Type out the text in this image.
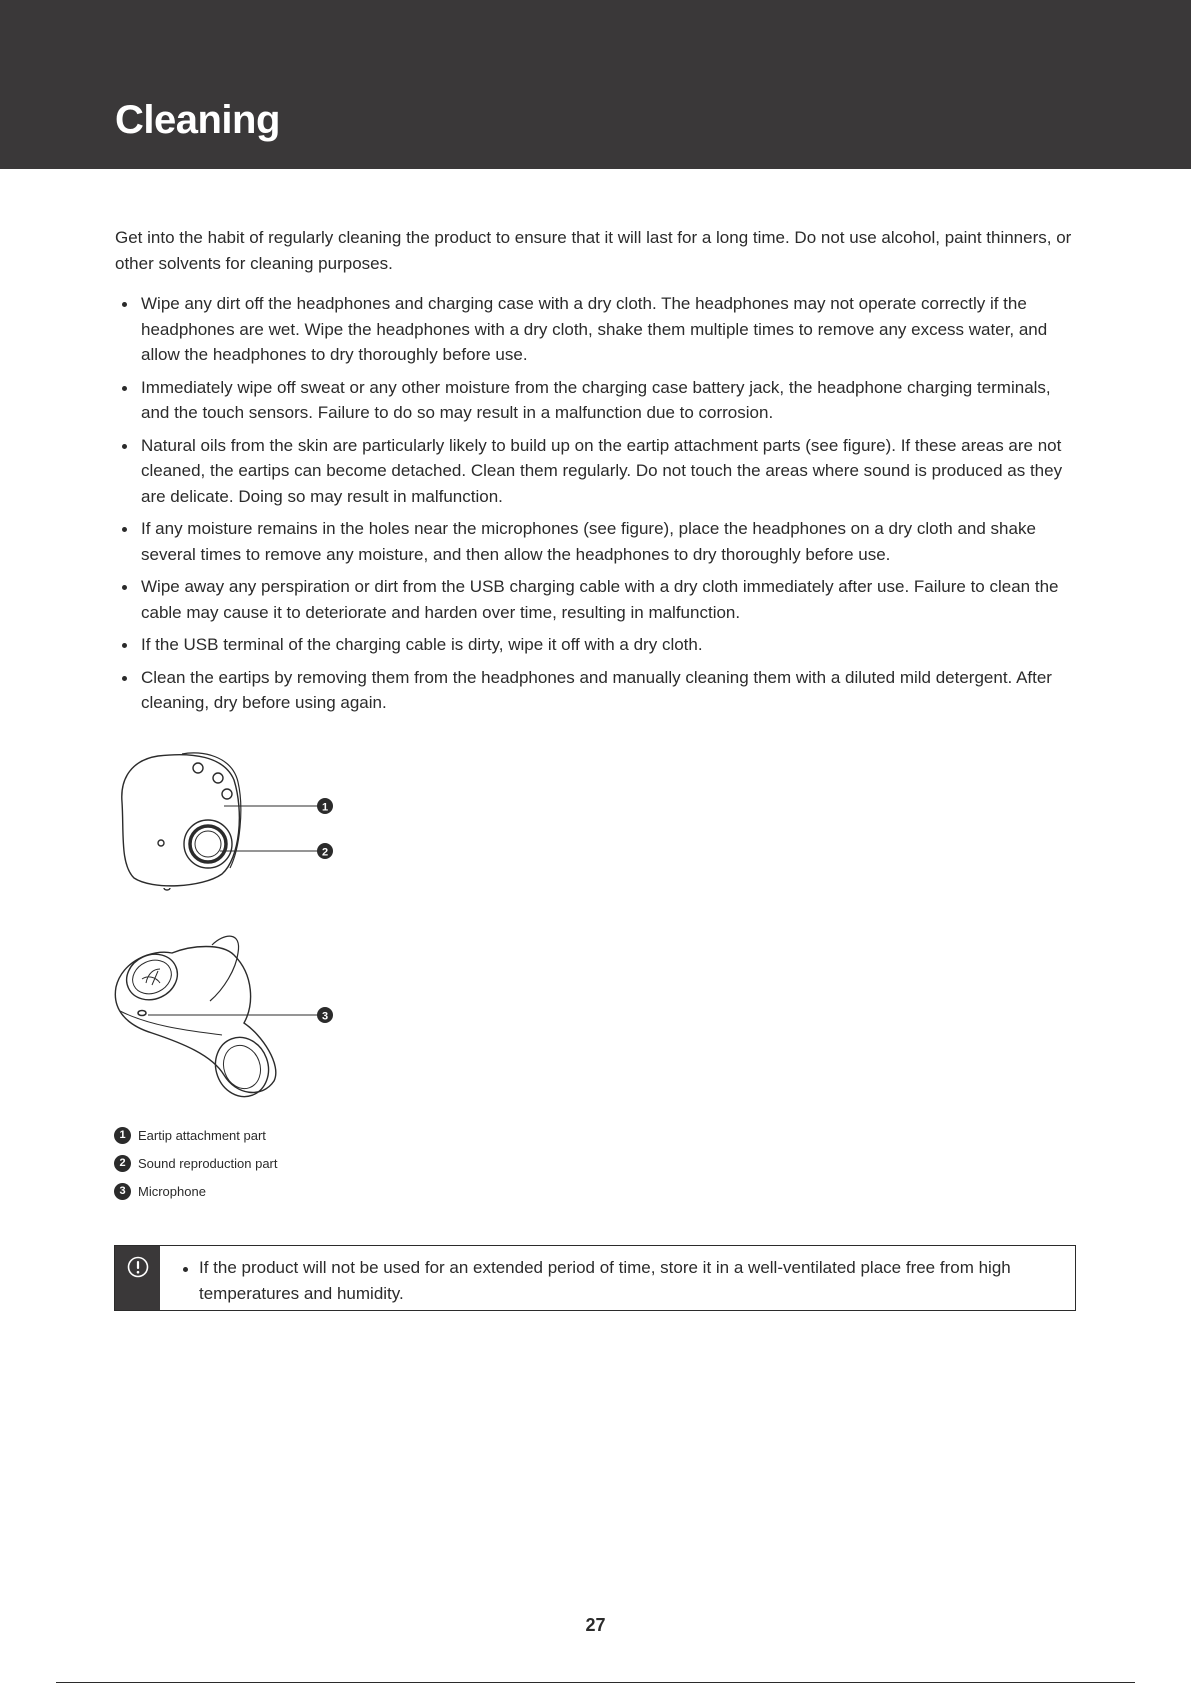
Cleaning

Get into the habit of regularly cleaning the product to ensure that it will last for a long time. Do not use alcohol, paint thinners, or other solvents for cleaning purposes.

Wipe any dirt off the headphones and charging case with a dry cloth. The headphones may not operate correctly if the headphones are wet. Wipe the headphones with a dry cloth, shake them multiple times to remove any excess water, and allow the headphones to dry thoroughly before use.
Immediately wipe off sweat or any other moisture from the charging case battery jack, the headphone charging terminals, and the touch sensors. Failure to do so may result in a malfunction due to corrosion.
Natural oils from the skin are particularly likely to build up on the eartip attachment parts (see figure). If these areas are not cleaned, the eartips can become detached. Clean them regularly. Do not touch the areas where sound is produced as they are delicate. Doing so may result in malfunction.
If any moisture remains in the holes near the microphones (see figure), place the headphones on a dry cloth and shake several times to remove any moisture, and then allow the headphones to dry thoroughly before use.
Wipe away any perspiration or dirt from the USB charging cable with a dry cloth immediately after use. Failure to clean the cable may cause it to deteriorate and harden over time, resulting in malfunction.
If the USB terminal of the charging cable is dirty, wipe it off with a dry cloth.
Clean the eartips by removing them from the headphones and manually cleaning them with a diluted mild detergent. After cleaning, dry before using again.
1
2
3
1 Eartip attachment part
2 Sound reproduction part
3 Microphone
If the product will not be used for an extended period of time, store it in a well-ventilated place free from high temperatures and humidity.
27
